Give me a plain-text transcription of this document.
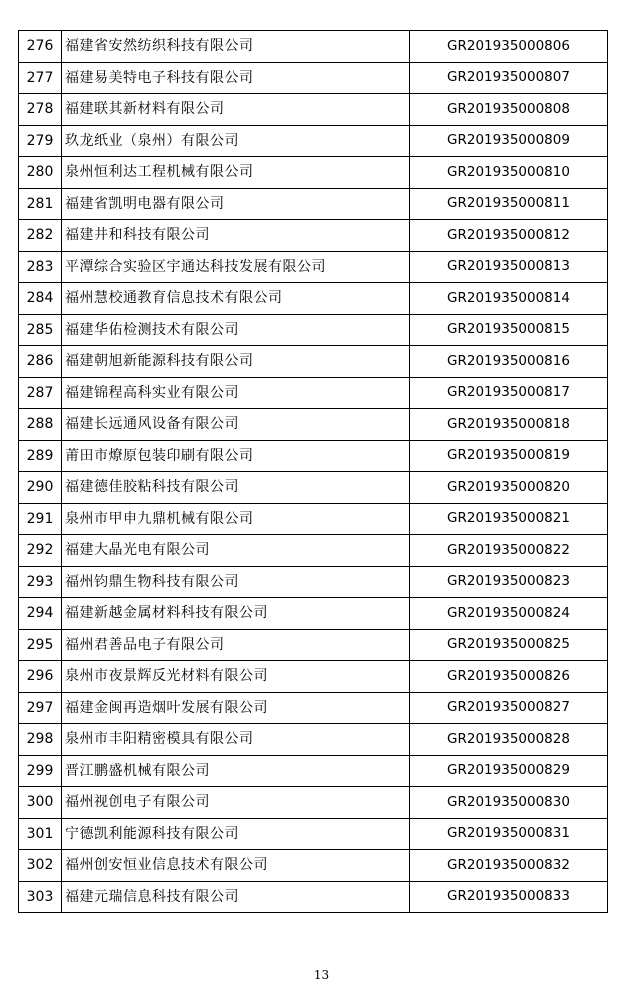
276	福建省安然纺织科技有限公司	GR201935000806
277	福建易美特电子科技有限公司	GR201935000807
278	福建联其新材料有限公司	GR201935000808
279	玖龙纸业（泉州）有限公司	GR201935000809
280	泉州恒利达工程机械有限公司	GR201935000810
281	福建省凯明电器有限公司	GR201935000811
282	福建井和科技有限公司	GR201935000812
283	平潭综合实验区宇通达科技发展有限公司	GR201935000813
284	福州慧校通教育信息技术有限公司	GR201935000814
285	福建华佑检测技术有限公司	GR201935000815
286	福建朝旭新能源科技有限公司	GR201935000816
287	福建锦程高科实业有限公司	GR201935000817
288	福建长远通风设备有限公司	GR201935000818
289	莆田市燎原包装印刷有限公司	GR201935000819
290	福建德佳胶粘科技有限公司	GR201935000820
291	泉州市甲申九鼎机械有限公司	GR201935000821
292	福建大晶光电有限公司	GR201935000822
293	福州钧鼎生物科技有限公司	GR201935000823
294	福建新越金属材料科技有限公司	GR201935000824
295	福州君善品电子有限公司	GR201935000825
296	泉州市夜景辉反光材料有限公司	GR201935000826
297	福建金闽再造烟叶发展有限公司	GR201935000827
298	泉州市丰阳精密模具有限公司	GR201935000828
299	晋江鹏盛机械有限公司	GR201935000829
300	福州视创电子有限公司	GR201935000830
301	宁德凯利能源科技有限公司	GR201935000831
302	福州创安恒业信息技术有限公司	GR201935000832
303	福建元瑞信息科技有限公司	GR201935000833
13
